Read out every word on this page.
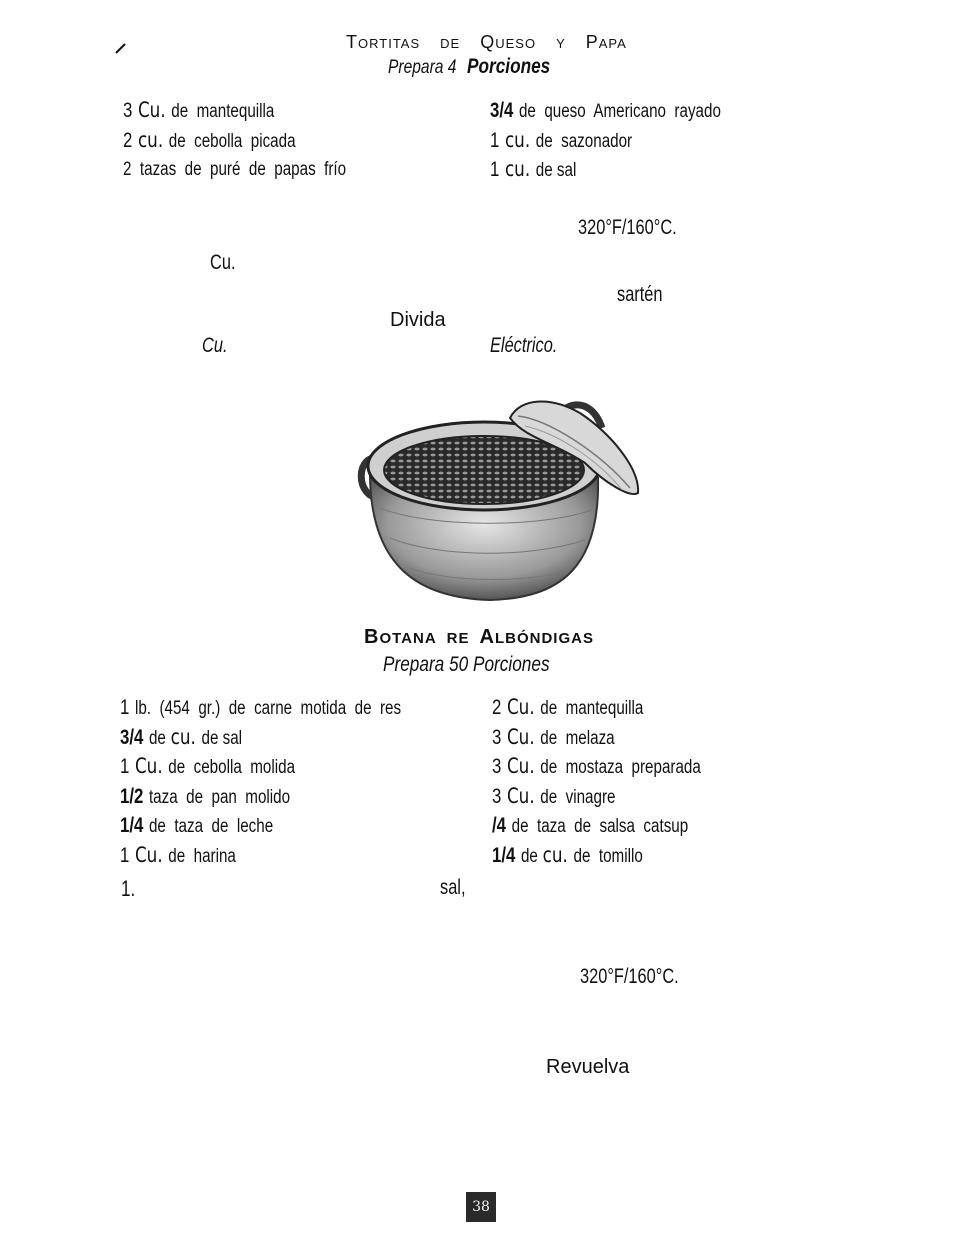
TORTITAS DE QUESO Y PAPA
Prepara 4 Porciones
3 Cu. de  mantequilla
2 cu. de  cebolla  picada
2  tazas  de  puré  de  papas  frío
3/4 de  queso  Americano  rayado
1 cu. de  sazonador
1 cu. de sal
320°F/160°C.
Cu.
sartén
Divida
Cu.	Eléctrico.
BOTANA RE ALBÓNDIGAS
Prepara 50 Porciones
1 lb.  (454  gr.)  de  carne  motida  de  res
3/4 de cu. de sal
1 Cu. de  cebolla  molida
1/2 taza  de  pan  molido
1/4 de  taza  de  leche
1 Cu. de  harina
2 Cu. de  mantequilla
3 Cu. de  melaza
3 Cu. de  mostaza  preparada
3 Cu. de  vinagre
/4 de  taza  de  salsa  catsup
1/4 de cu. de  tomillo
1.	sal,
320°F/160°C.
Revuelva
38
